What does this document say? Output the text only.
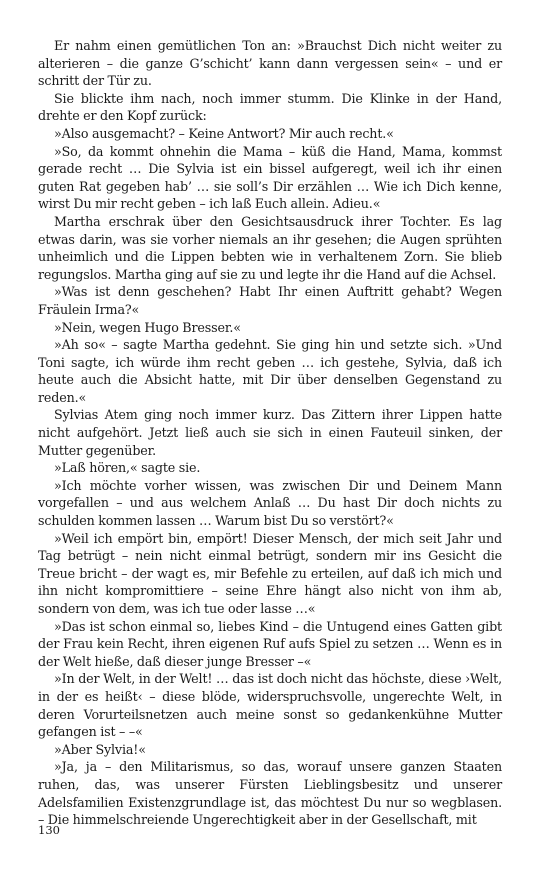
Er nahm einen gemütlichen Ton an: »Brauchst Dich nicht weiter zu alterieren – die ganze G’schicht’ kann dann vergessen sein« – und er schritt der Tür zu.

Sie blickte ihm nach, noch immer stumm. Die Klinke in der Hand, drehte er den Kopf zurück:

»Also ausgemacht? – Keine Antwort? Mir auch recht.«

»So, da kommt ohnehin die Mama – küß die Hand, Mama, kommst gerade recht … Die Sylvia ist ein bissel aufgeregt, weil ich ihr einen guten Rat gegeben hab’ … sie soll’s Dir erzählen … Wie ich Dich kenne, wirst Du mir recht geben – ich laß Euch allein. Adieu.«

Martha erschrak über den Gesichtsausdruck ihrer Tochter. Es lag etwas darin, was sie vorher niemals an ihr gesehen; die Augen sprühten unheimlich und die Lippen bebten wie in verhaltenem Zorn. Sie blieb regungslos. Martha ging auf sie zu und legte ihr die Hand auf die Achsel.

»Was ist denn geschehen? Habt Ihr einen Auftritt gehabt? Wegen Fräulein Irma?«

»Nein, wegen Hugo Bresser.«

»Ah so« – sagte Martha gedehnt. Sie ging hin und setzte sich. »Und Toni sagte, ich würde ihm recht geben … ich gestehe, Sylvia, daß ich heute auch die Absicht hatte, mit Dir über denselben Gegenstand zu reden.«

Sylvias Atem ging noch immer kurz. Das Zittern ihrer Lippen hatte nicht aufgehört. Jetzt ließ auch sie sich in einen Fauteuil sinken, der Mutter gegenüber.

»Laß hören,« sagte sie.

»Ich möchte vorher wissen, was zwischen Dir und Deinem Mann vorgefallen – und aus welchem Anlaß … Du hast Dir doch nichts zu schulden kommen lassen … Warum bist Du so verstört?«

»Weil ich empört bin, empört! Dieser Mensch, der mich seit Jahr und Tag betrügt – nein nicht einmal betrügt, sondern mir ins Gesicht die Treue bricht – der wagt es, mir Befehle zu erteilen, auf daß ich mich und ihn nicht kompromittiere – seine Ehre hängt also nicht von ihm ab, sondern von dem, was ich tue oder lasse …«

»Das ist schon einmal so, liebes Kind – die Untugend eines Gatten gibt der Frau kein Recht, ihren eigenen Ruf aufs Spiel zu setzen … Wenn es in der Welt hieße, daß dieser junge Bresser –«

»In der Welt, in der Welt! … das ist doch nicht das höchste, diese ›Welt, in der es heißt‹ – diese blöde, widerspruchsvolle, ungerechte Welt, in deren Vorurteilsnetzen auch meine sonst so gedankenkühne Mutter gefangen ist – –«

»Aber Sylvia!«

»Ja, ja – den Militarismus, so das, worauf unsere ganzen Staaten ruhen, das, was unserer Fürsten Lieblingsbesitz und unserer Adelsfamilien Existenzgrundlage ist, das möchtest Du nur so wegblasen. – Die himmelschreiende Ungerechtigkeit aber in der Gesellschaft, mit

130
